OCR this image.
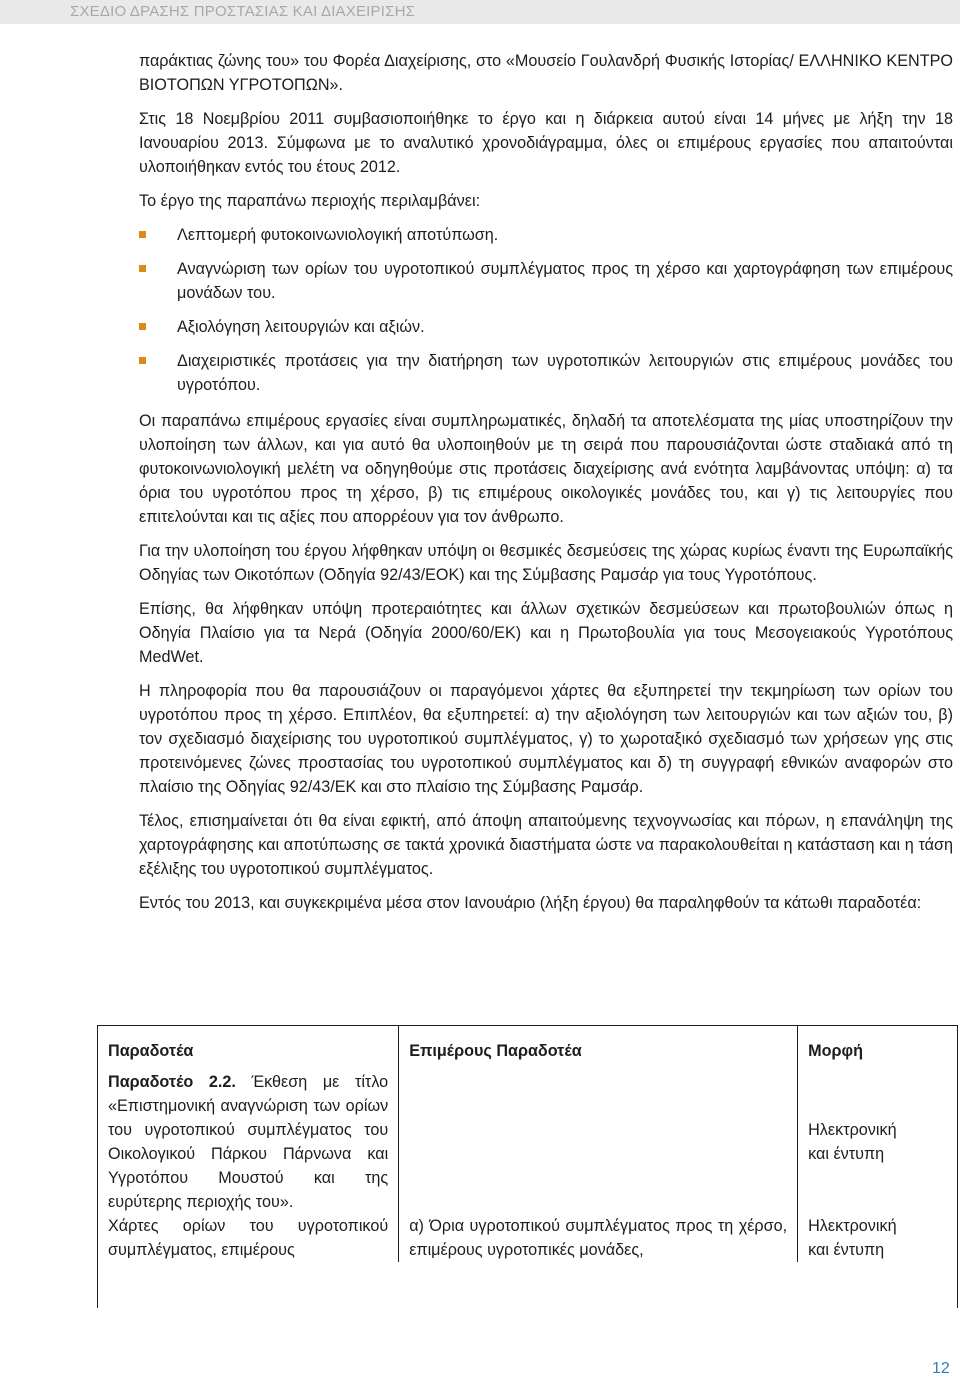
ΣΧΕΔΙΟ ΔΡΑΣΗΣ ΠΡΟΣΤΑΣΙΑΣ ΚΑΙ ΔΙΑΧΕΙΡΙΣΗΣ

παράκτιας ζώνης του» του Φορέα Διαχείρισης, στο «Μουσείο Γουλανδρή Φυσικής Ιστορίας/ ΕΛΛΗΝΙΚΟ ΚΕΝΤΡΟ ΒΙΟΤΟΠΩΝ ΥΓΡΟΤΟΠΩΝ».

Στις 18 Νοεμβρίου 2011 συμβασιοποιήθηκε το έργο και η διάρκεια αυτού είναι 14 μήνες με λήξη την 18 Ιανουαρίου 2013. Σύμφωνα με το αναλυτικό χρονοδιάγραμμα, όλες οι επιμέρους εργασίες που απαιτούνται υλοποιήθηκαν εντός του έτους 2012.

Το έργο της παραπάνω περιοχής περιλαμβάνει:

Λεπτομερή φυτοκοινωνιολογική αποτύπωση.
Αναγνώριση των ορίων του υγροτοπικού συμπλέγματος προς τη χέρσο και χαρτογράφηση των επιμέρους μονάδων του.
Αξιολόγηση λειτουργιών και αξιών.
Διαχειριστικές προτάσεις για την διατήρηση των υγροτοπικών λειτουργιών στις επιμέρους μονάδες του υγροτόπου.

Οι παραπάνω επιμέρους εργασίες είναι συμπληρωματικές, δηλαδή τα αποτελέσματα της μίας υποστηρίζουν την υλοποίηση των άλλων, και για αυτό θα υλοποιηθούν με τη σειρά που παρουσιάζονται ώστε σταδιακά από τη φυτοκοινωνιολογική μελέτη να οδηγηθούμε στις προτάσεις διαχείρισης ανά ενότητα λαμβάνοντας υπόψη: α) τα όρια του υγροτόπου προς τη χέρσο, β) τις επιμέρους οικολογικές μονάδες του, και γ) τις λειτουργίες που επιτελούνται και τις αξίες που απορρέουν για τον άνθρωπο.

Για την υλοποίηση του έργου λήφθηκαν υπόψη οι θεσμικές δεσμεύσεις της χώρας κυρίως έναντι της Ευρωπαϊκής Οδηγίας των Οικοτόπων (Οδηγία 92/43/ΕΟΚ) και της Σύμβασης Ραμσάρ για τους Υγροτόπους.

Επίσης, θα λήφθηκαν υπόψη προτεραιότητες και άλλων σχετικών δεσμεύσεων και πρωτοβουλιών όπως η Οδηγία Πλαίσιο για τα Νερά (Οδηγία 2000/60/ΕΚ) και η Πρωτοβουλία για τους Μεσογειακούς Υγροτόπους MedWet.

Η πληροφορία που θα παρουσιάζουν οι παραγόμενοι χάρτες θα εξυπηρετεί την τεκμηρίωση των ορίων του υγροτόπου προς τη χέρσο. Επιπλέον, θα εξυπηρετεί: α) την αξιολόγηση των λειτουργιών και των αξιών του, β) τον σχεδιασμό διαχείρισης του υγροτοπικού συμπλέγματος, γ) το χωροταξικό σχεδιασμό των χρήσεων γης στις προτεινόμενες ζώνες προστασίας του υγροτοπικού συμπλέγματος και δ) τη συγγραφή εθνικών αναφορών στο πλαίσιο της Οδηγίας 92/43/ΕΚ και στο πλαίσιο της Σύμβασης Ραμσάρ.

Τέλος, επισημαίνεται ότι θα είναι εφικτή, από άποψη απαιτούμενης τεχνογνωσίας και πόρων, η επανάληψη της χαρτογράφησης και αποτύπωσης σε τακτά χρονικά διαστήματα ώστε να παρακολουθείται η κατάσταση και η τάση εξέλιξης του υγροτοπικού συμπλέγματος.

Εντός του 2013, και συγκεκριμένα μέσα στον Ιανουάριο (λήξη έργου) θα παραληφθούν τα κάτωθι παραδοτέα:

Παραδοτέα	Επιμέρους Παραδοτέα	Μορφή
Παραδοτέο 2.2. Έκθεση με τίτλο «Επιστημονική αναγνώριση των ορίων του υγροτοπικού συμπλέγματος του Οικολογικού Πάρκου Πάρνωνα και Υγροτόπου Μουστού και της ευρύτερης περιοχής του».		Ηλεκτρονική
και έντυπη

Χάρτες ορίων του υγροτοπικού συμπλέγματος, επιμέρους	α) Όρια υγροτοπικού συμπλέγματος προς τη χέρσο, επιμέρους υγροτοπικές μονάδες,	Ηλεκτρονική
και έντυπη
12
